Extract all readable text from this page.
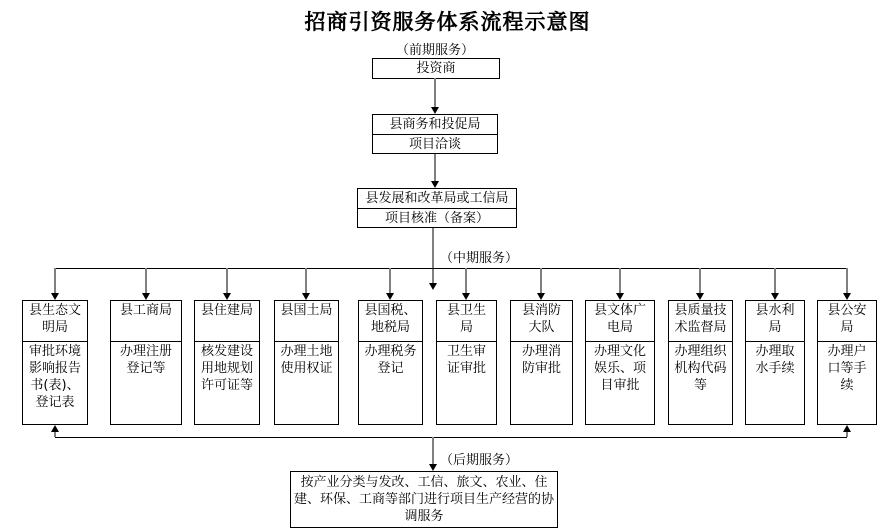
招商引资服务体系流程示意图
（前期服务）
（中期服务）
（后期服务）
投资商
县商务和投促局
项目洽谈
县发展和改革局或工信局
项目核准（备案）
县生态文明局
审批环境影响报告书(表)、登记表
县工商局
办理注册登记等
县住建局
核发建设用地规划许可证等
县国土局
办理土地使用权证
县国税、地税局
办理税务登记
县卫生局
卫生审证审批
县消防大队
办理消防审批
县文体广电局
办理文化娱乐、项目审批
县质量技术监督局
办理组织机构代码等
县水利局
办理取水手续
县公安局
办理户口等手续
按产业分类与发改、工信、旅文、农业、住建、环保、工商等部门进行项目生产经营的协调服务
